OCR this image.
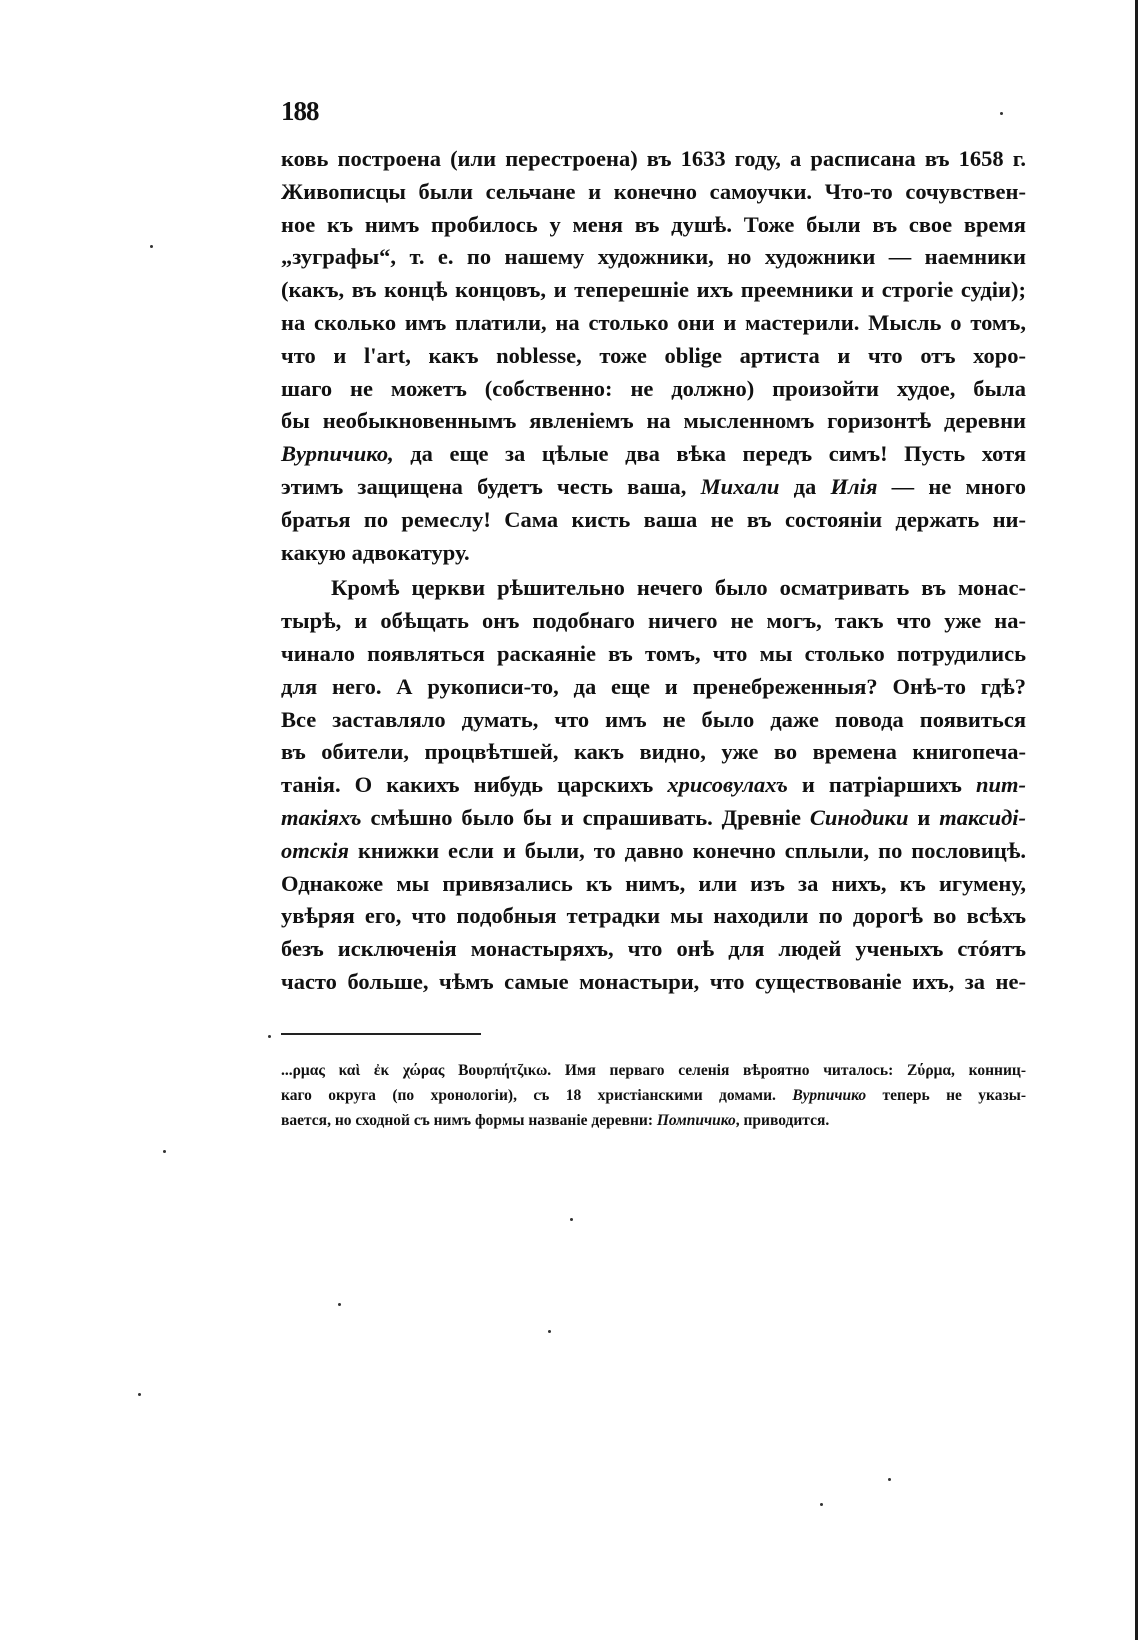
188
ковь построена (или перестроена) въ 1633 году, а расписана въ 1658 г.
Живописцы были сельчане и конечно самоучки. Что-то сочувствен-
ное къ нимъ пробилось у меня въ душѣ. Тоже были въ свое время
„зуграфы“, т. е. по нашему художники, но художники — наемники
(какъ, въ концѣ концовъ, и теперешніе ихъ преемники и строгіе судіи);
на сколько имъ платили, на столько они и мастерили. Мысль о томъ,
что и l'art, какъ noblesse, тоже oblige артиста и что отъ хоро-
шаго не можетъ (собственно: не должно) произойти худое, была
бы необыкновеннымъ явленіемъ на мысленномъ горизонтѣ деревни
Вурпичико, да еще за цѣлые два вѣка передъ симъ! Пусть хотя
этимъ защищена будетъ честь ваша, Михали да Илія — не много
братья по ремеслу! Сама кисть ваша не въ состояніи держать ни-
какую адвокатуру.
Кромѣ церкви рѣшительно нечего было осматривать въ монас-
тырѣ, и обѣщать онъ подобнаго ничего не могъ, такъ что уже на-
чинало появляться раскаяніе въ томъ, что мы столько потрудились
для него. А рукописи-то, да еще и пренебреженныя? Онѣ-то гдѣ?
Все заставляло думать, что имъ не было даже повода появиться
въ обители, процвѣтшей, какъ видно, уже во времена книгопеча-
танія. О какихъ нибудь царскихъ хрисовулахъ и патріаршихъ пит-
такіяхъ смѣшно было бы и спрашивать. Древніе Синодики и таксиді-
отскія книжки если и были, то давно конечно сплыли, по пословицѣ.
Однакоже мы привязались къ нимъ, или изъ за нихъ, къ игумену,
увѣряя его, что подобныя тетрадки мы находили по дорогѣ во всѣхъ
безъ исключенія монастыряхъ, что онѣ для людей ученыхъ стóятъ
часто больше, чѣмъ самые монастыри, что существованіе ихъ, за не-
...ρμας καὶ ἐκ χώρας Βουρπήτζικω. Имя перваго селенія вѣроятно читалось: Ζύρμα, конниц-
каго округа (по хронологіи), съ 18 христіанскими домами. Вурпичико теперь не указы-
вается, но сходной съ нимъ формы названіе деревни: Помпичико, приводится.
